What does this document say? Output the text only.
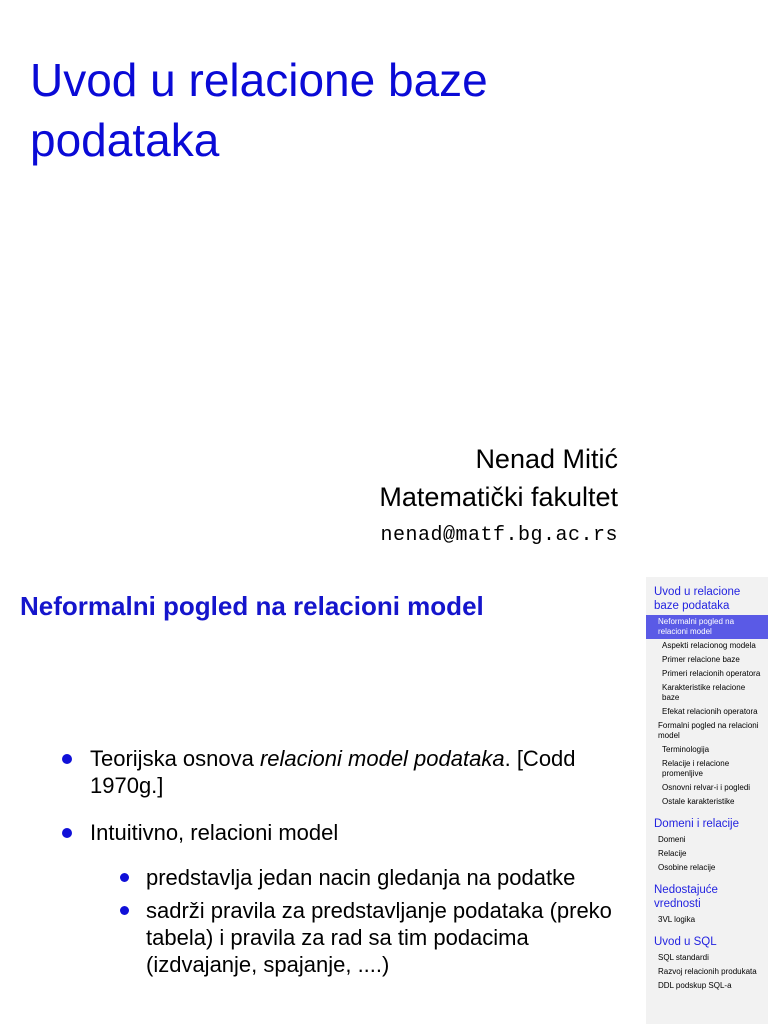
Uvod u relacione baze podataka
Nenad Mitić
Matematički fakultet
nenad@matf.bg.ac.rs
Neformalni pogled na relacioni model
Teorijska osnova relacioni model podataka. [Codd 1970g.]
Intuitivno, relacioni model
predstavlja jedan nacin gledanja na podatke
sadrži pravila za predstavljanje podataka (preko tabela) i pravila za rad sa tim podacima (izdvajanje, spajanje, ....)
Uvod u relacione baze podataka
Neformalni pogled na relacioni model
Aspekti relacionog modela
Primer relacione baze
Primeri relacionih operatora
Karakteristike relacione baze
Efekat relacionih operatora
Formalni pogled na relacioni model
Terminologija
Relacije i relacione promenljive
Osnovni relvar-i i pogledi
Ostale karakteristike
Domeni i relacije
Domeni
Relacije
Osobine relacije
Nedostajuće vrednosti
3VL logika
Uvod u SQL
SQL standardi
Razvoj relacionih produkata
DDL podskup SQL-a
